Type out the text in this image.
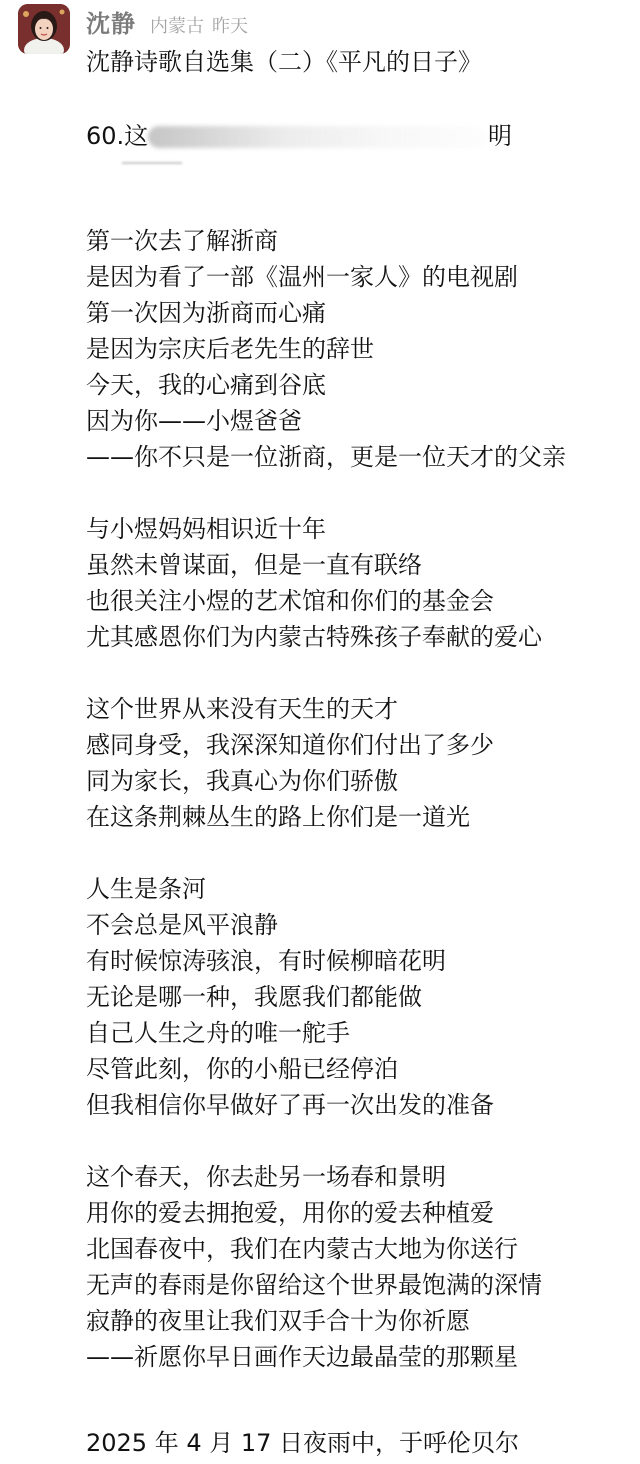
沈静 内蒙古 昨天
沈静诗歌自选集（二）《平凡的日子》
60.这	明
第一次去了解浙商
是因为看了一部《温州一家人》的电视剧
第一次因为浙商而心痛
是因为宗庆后老先生的辞世
今天，我的心痛到谷底
因为你——小煜爸爸
——你不只是一位浙商，更是一位天才的父亲
与小煜妈妈相识近十年
虽然未曾谋面，但是一直有联络
也很关注小煜的艺术馆和你们的基金会
尤其感恩你们为内蒙古特殊孩子奉献的爱心
这个世界从来没有天生的天才
感同身受，我深深知道你们付出了多少
同为家长，我真心为你们骄傲
在这条荆棘丛生的路上你们是一道光
人生是条河
不会总是风平浪静
有时候惊涛骇浪，有时候柳暗花明
无论是哪一种，我愿我们都能做
自己人生之舟的唯一舵手
尽管此刻，你的小船已经停泊
但我相信你早做好了再一次出发的准备
这个春天，你去赴另一场春和景明
用你的爱去拥抱爱，用你的爱去种植爱
北国春夜中，我们在内蒙古大地为你送行
无声的春雨是你留给这个世界最饱满的深情
寂静的夜里让我们双手合十为你祈愿
——祈愿你早日画作天边最晶莹的那颗星
2025 年 4 月 17 日夜雨中，于呼伦贝尔
